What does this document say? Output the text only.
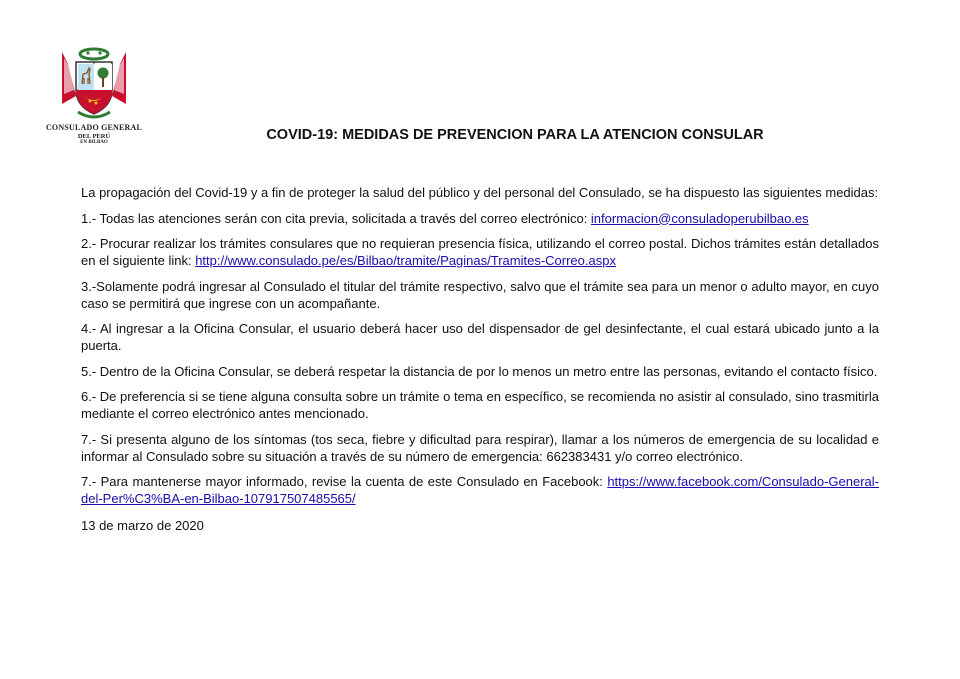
CONSULADO GENERAL
DEL PERÚ
EN BILBAO	COVID-19: MEDIDAS DE PREVENCION PARA LA ATENCION CONSULAR

La propagación del Covid-19 y a fin de proteger la salud del público y del personal del Consulado, se ha dispuesto las siguientes medidas:

1.- Todas las atenciones serán con cita previa, solicitada a través del correo electrónico: informacion@consuladoperubilbao.es

2.- Procurar realizar los trámites consulares que no requieran presencia física, utilizando el correo postal. Dichos trámites están detallados en el siguiente link: http://www.consulado.pe/es/Bilbao/tramite/Paginas/Tramites-Correo.aspx

3.-Solamente podrá ingresar al Consulado el titular del trámite respectivo, salvo que el trámite sea para un menor o adulto mayor, en cuyo caso se permitirá que ingrese con un acompañante.

4.- Al ingresar a la Oficina Consular, el usuario deberá hacer uso del dispensador de gel desinfectante, el cual estará ubicado junto a la puerta.

5.- Dentro de la Oficina Consular, se deberá respetar la distancia de por lo menos un metro entre las personas, evitando el contacto físico.

6.- De preferencia si se tiene alguna consulta sobre un trámite o tema en específico, se recomienda no asistir al consulado, sino trasmitirla mediante el correo electrónico antes mencionado.

7.- Si presenta alguno de los síntomas (tos seca, fiebre y dificultad para respirar), llamar a los números de emergencia de su localidad e informar al Consulado sobre su situación a través de su número de emergencia: 662383431 y/o correo electrónico.

7.- Para mantenerse mayor informado, revise la cuenta de este Consulado en Facebook: https://www.facebook.com/Consulado-General-del-Per%C3%BA-en-Bilbao-107917507485565/

13 de marzo de 2020
